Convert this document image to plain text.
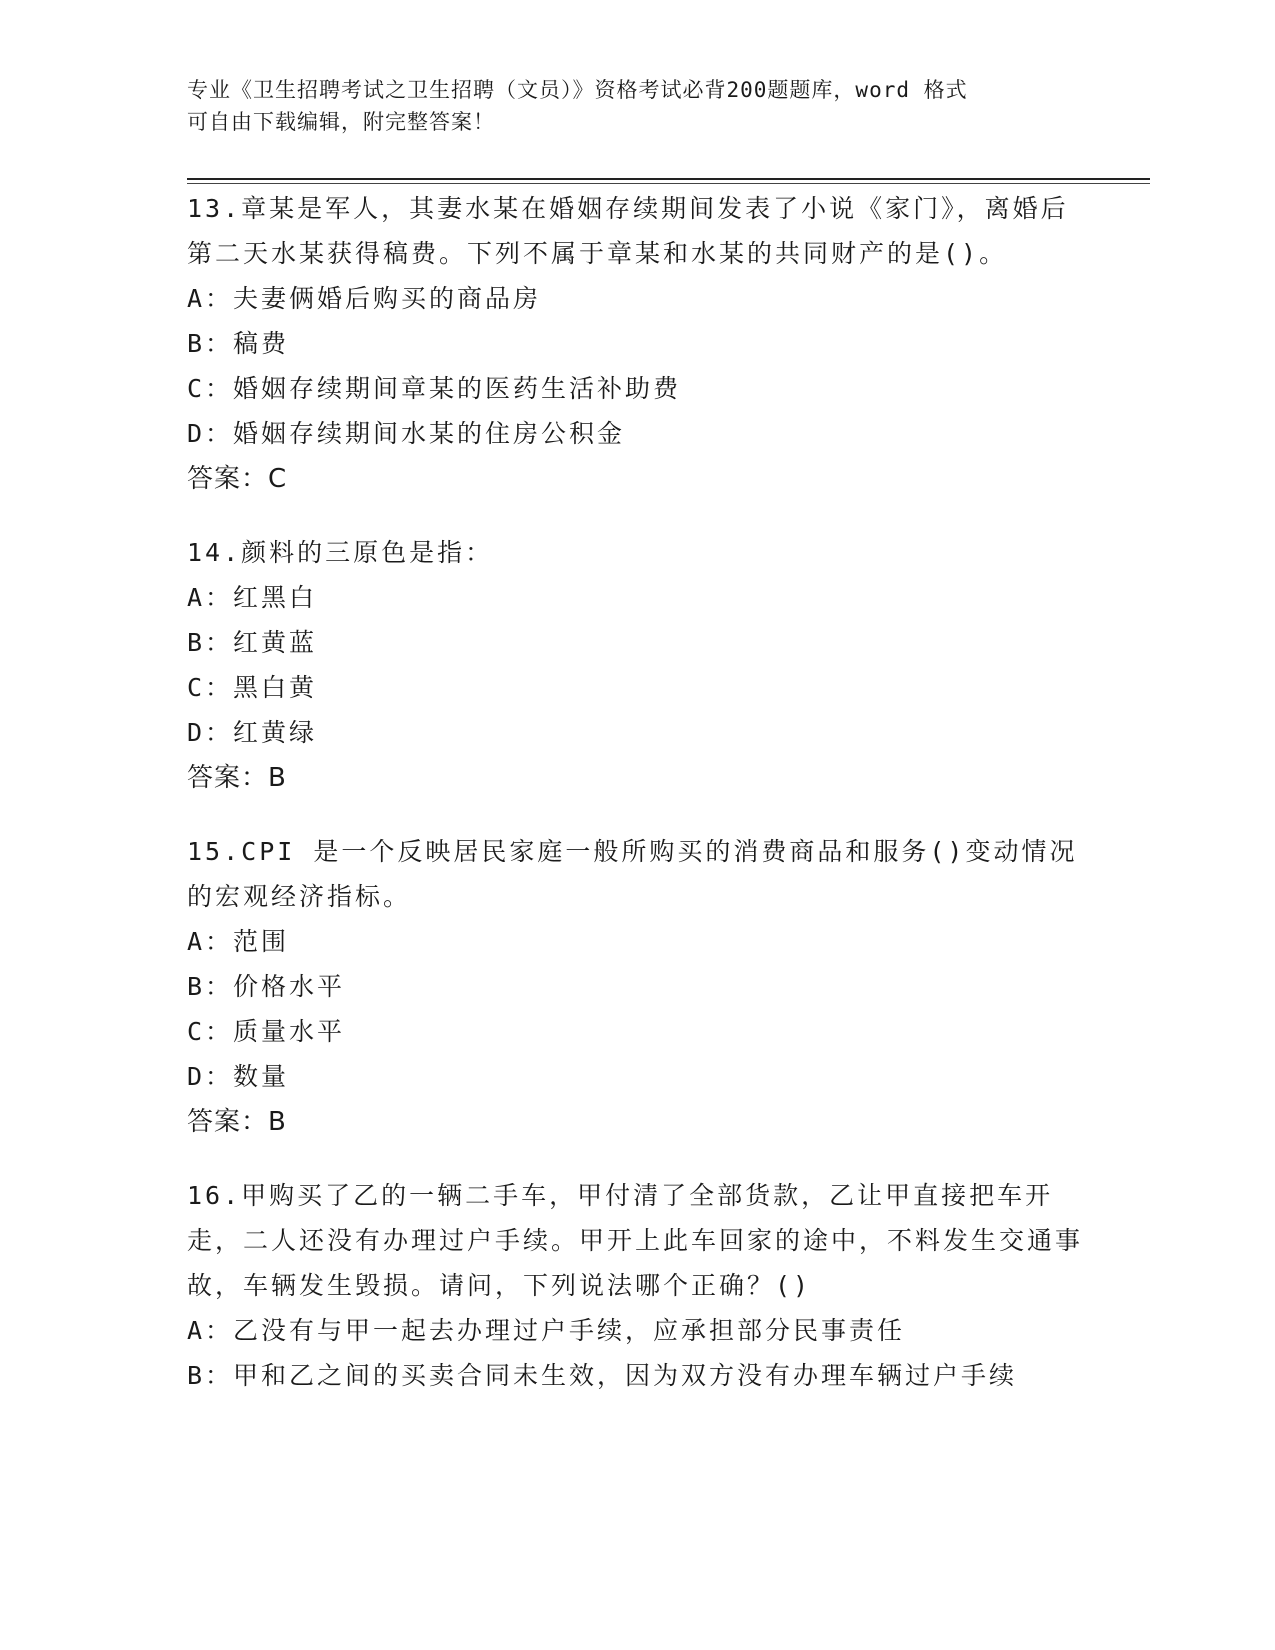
专业《卫生招聘考试之卫生招聘（文员）》资格考试必背200题题库，word 格式
可自由下载编辑，附完整答案！

13.章某是军人，其妻水某在婚姻存续期间发表了小说《家门》，离婚后第二天水某获得稿费。下列不属于章某和水某的共同财产的是()。

A：夫妻俩婚后购买的商品房

B：稿费

C：婚姻存续期间章某的医药生活补助费

D：婚姻存续期间水某的住房公积金

答案：C

14.颜料的三原色是指：

A：红黑白

B：红黄蓝

C：黑白黄

D：红黄绿

答案：B

15.CPI 是一个反映居民家庭一般所购买的消费商品和服务()变动情况的宏观经济指标。

A：范围

B：价格水平

C：质量水平

D：数量

答案：B

16.甲购买了乙的一辆二手车，甲付清了全部货款，乙让甲直接把车开走，二人还没有办理过户手续。甲开上此车回家的途中，不料发生交通事故，车辆发生毁损。请问，下列说法哪个正确？()

A：乙没有与甲一起去办理过户手续，应承担部分民事责任

B：甲和乙之间的买卖合同未生效，因为双方没有办理车辆过户手续
